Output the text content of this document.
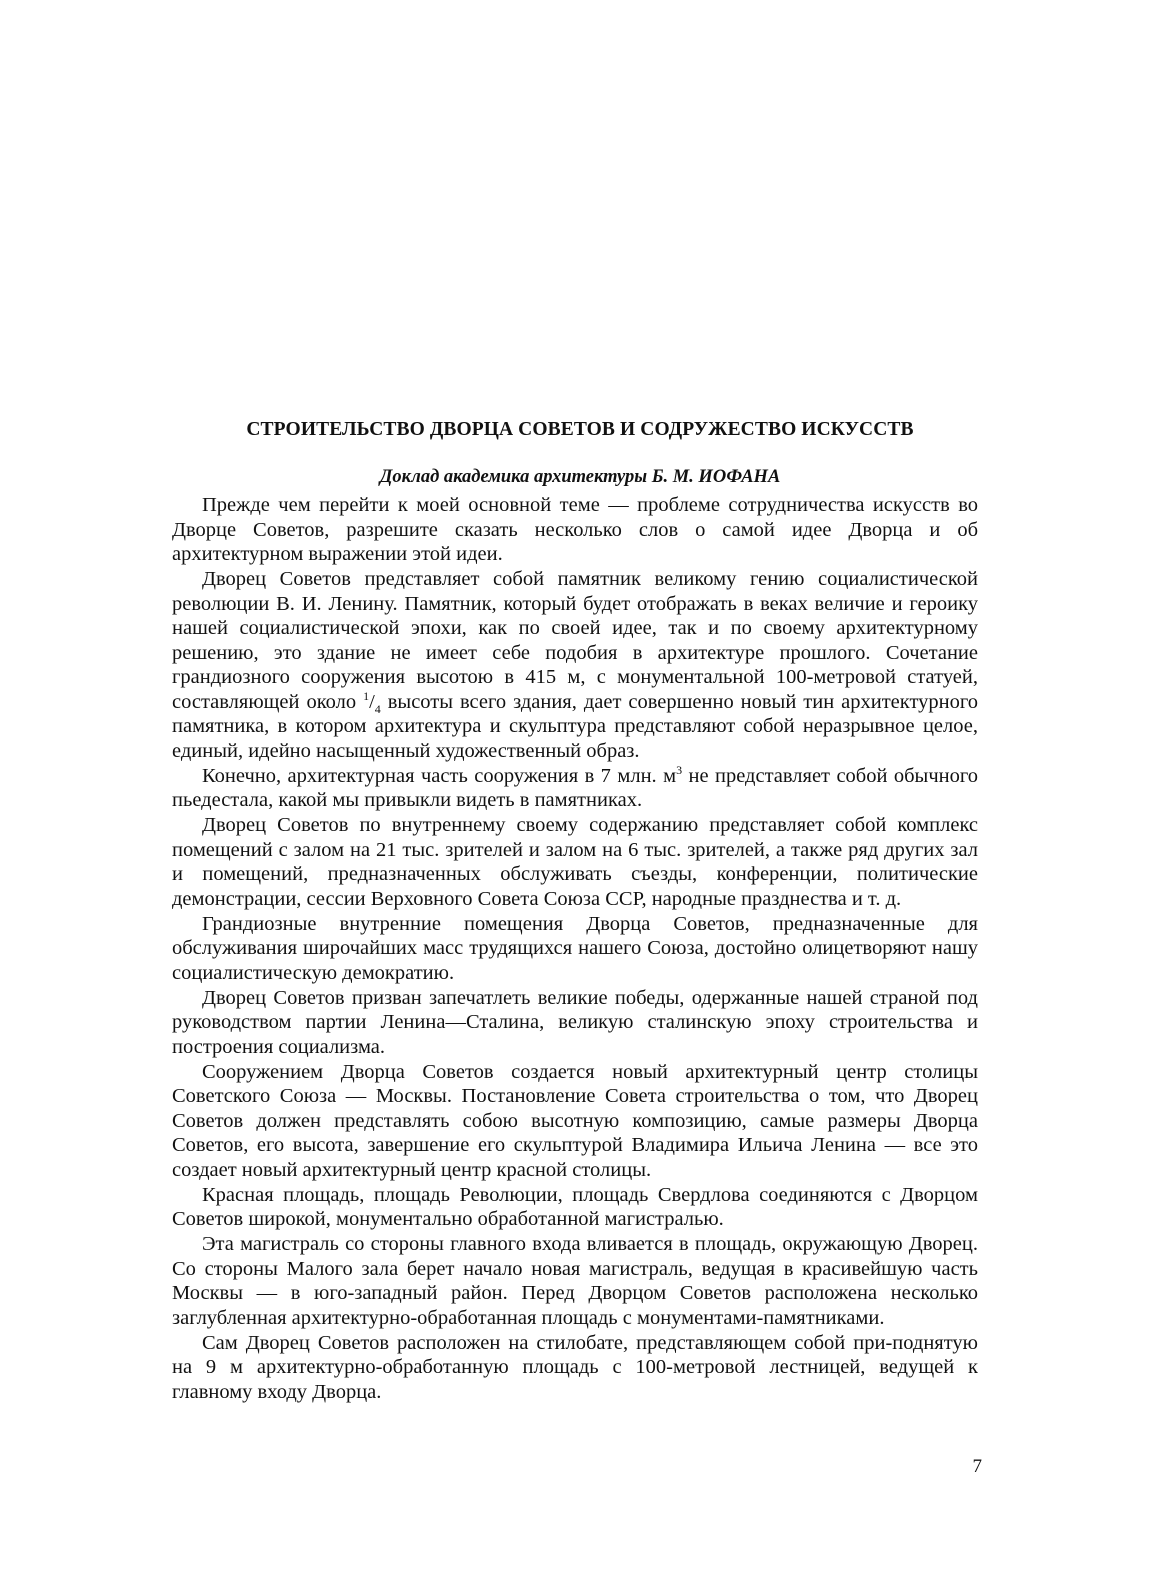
СТРОИТЕЛЬСТВО ДВОРЦА СОВЕТОВ И СОДРУЖЕСТВО ИСКУССТВ
Доклад академика архитектуры Б. М. ИОФАНА

Прежде чем перейти к моей основной теме — проблеме сотрудничества искусств во Дворце Советов, разрешите сказать несколько слов о самой идее Дворца и об архитектурном выражении этой идеи.

Дворец Советов представляет собой памятник великому гению социалистической революции В. И. Ленину. Памятник, который будет отображать в веках величие и героику нашей социалистической эпохи, как по своей идее, так и по своему архитектурному решению, это здание не имеет себе подобия в архитектуре прошлого. Сочетание грандиозного сооружения высотою в 415 м, с монументальной 100-метровой статуей, составляющей около $^1/_4$ высоты всего здания, дает совершенно новый тин архитектурного памятника, в котором архитектура и скульптура представляют собой неразрывное целое, единый, идейно насыщенный художественный образ.

Конечно, архитектурная часть сооружения в 7 млн. $м^3$ не представляет собой обычного пьедестала, какой мы привыкли видеть в памятниках.

Дворец Советов по внутреннему своему содержанию представляет собой комплекс помещений с залом на 21 тыс. зрителей и залом на 6 тыс. зрителей, а также ряд других зал и помещений, предназначенных обслуживать съезды, конференции, политические демонстрации, сессии Верховного Совета Союза ССР, народные празднества и т. д.

Грандиозные внутренние помещения Дворца Советов, предназначенные для обслуживания широчайших масс трудящихся нашего Союза, достойно олицетворяют нашу социалистическую демократию.

Дворец Советов призван запечатлеть великие победы, одержанные нашей страной под руководством партии Ленина—Сталина, великую сталинскую эпоху строительства и построения социализма.

Сооружением Дворца Советов создается новый архитектурный центр столицы Советского Союза — Москвы. Постановление Совета строительства о том, что Дворец Советов должен представлять собою высотную композицию, самые размеры Дворца Советов, его высота, завершение его скульптурой Владимира Ильича Ленина — все это создает новый архитектурный центр красной столицы.

Красная площадь, площадь Революции, площадь Свердлова соединяются с Дворцом Советов широкой, монументально обработанной магистралью.

Эта магистраль со стороны главного входа вливается в площадь, окружающую Дворец. Со стороны Малого зала берет начало новая магистраль, ведущая в красивейшую часть Москвы — в юго-западный район. Перед Дворцом Советов расположена несколько заглубленная архитектурно-обработанная площадь с монументами-памятниками.

Сам Дворец Советов расположен на стилобате, представляющем собой при-поднятую на 9 м архитектурно-обработанную площадь с 100-метровой лестницей, ведущей к главному входу Дворца.

7
